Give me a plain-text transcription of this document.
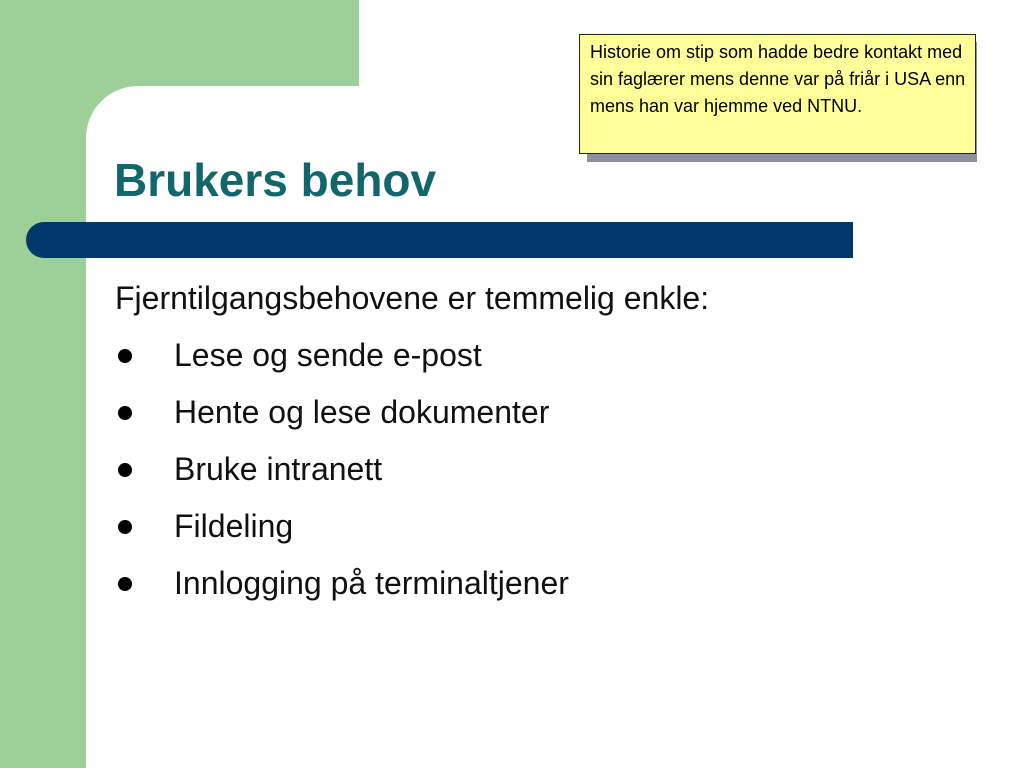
Brukers behov
Fjerntilgangsbehovene er temmelig enkle:
Lese og sende e-post
Hente og lese dokumenter
Bruke intranett
Fildeling
Innlogging på terminaltjener
Historie om stip som hadde bedre kontakt med sin faglærer mens denne var på friår i USA enn mens han var hjemme ved NTNU.
